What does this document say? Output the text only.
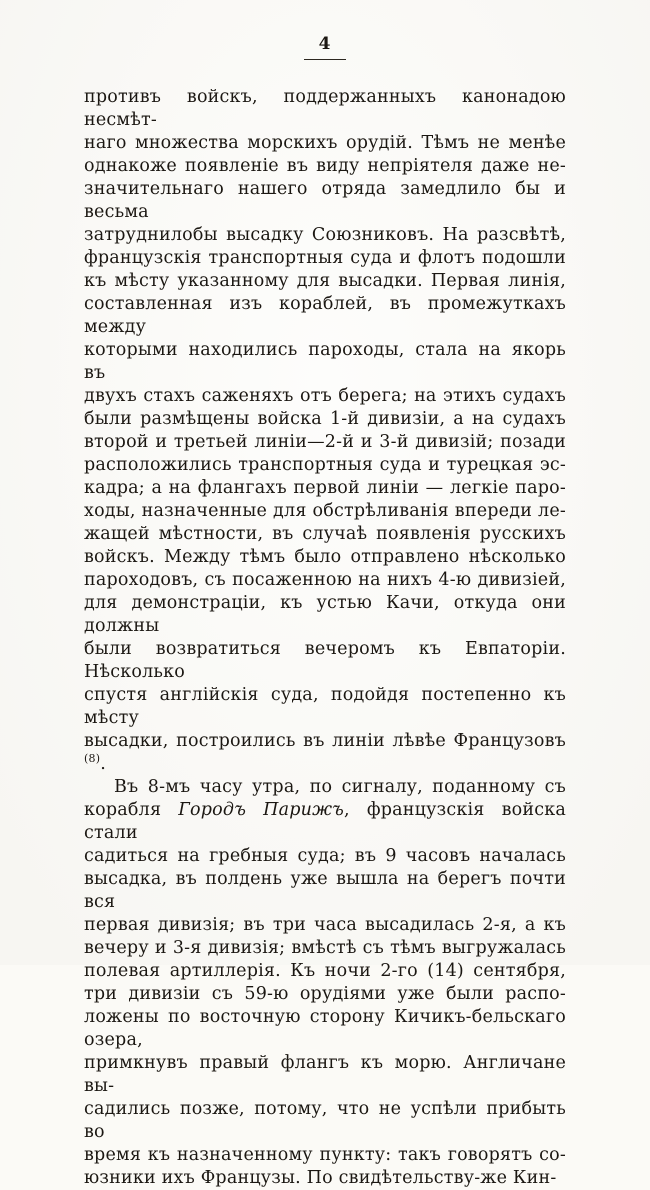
4
противъ войскъ, поддержанныхъ канонадою несмѣт-
наго множества морскихъ орудій. Тѣмъ не менѣе
однакоже появленіе въ виду непріятеля даже не-
значительнаго нашего отряда замедлило бы и весьма
затруднилобы высадку Союзниковъ. На разсвѣтѣ,
французскія транспортныя суда и флотъ подошли
къ мѣсту указанному для высадки. Первая линія,
составленная изъ кораблей, въ промежуткахъ между
которыми находились пароходы, стала на якорь въ
двухъ стахъ саженяхъ отъ берега; на этихъ судахъ
были размѣщены войска 1-й дивизіи, а на судахъ
второй и третьей линіи—2-й и 3-й дивизій; позади
расположились транспортныя суда и турецкая эс-
кадра; а на флангахъ первой линіи — легкіе паро-
ходы, назначенные для обстрѣливанія впереди ле-
жащей мѣстности, въ случаѣ появленія русскихъ
войскъ. Между тѣмъ было отправлено нѣсколько
пароходовъ, съ посаженною на нихъ 4-ю дивизіей,
для демонстраціи, къ устью Качи, откуда они должны
были возвратиться вечеромъ къ Евпаторіи. Нѣсколько
спустя англійскія суда, подойдя постепенно къ мѣсту
высадки, построились въ линіи лѣвѣе Французовъ $^{(8)}$.
Въ 8-мъ часу утра, по сигналу, поданному съ
корабля Городъ Парижъ, французскія войска стали
садиться на гребныя суда; въ 9 часовъ началась
высадка, въ полдень уже вышла на берегъ почти вся
первая дивизія; въ три часа высадилась 2-я, а къ
вечеру и 3-я дивизія; вмѣстѣ съ тѣмъ выгружалась
полевая артиллерія. Къ ночи 2-го (14) сентября,
три дивизіи съ 59-ю орудіями уже были распо-
ложены по восточную сторону Кичикъ-бельскаго озера,
примкнувъ правый флангъ къ морю. Англичане вы-
садились позже, потому, что не успѣли прибыть во
время къ назначенному пункту: такъ говорятъ со-
юзники ихъ Французы. По свидѣтельству-же Кин-
